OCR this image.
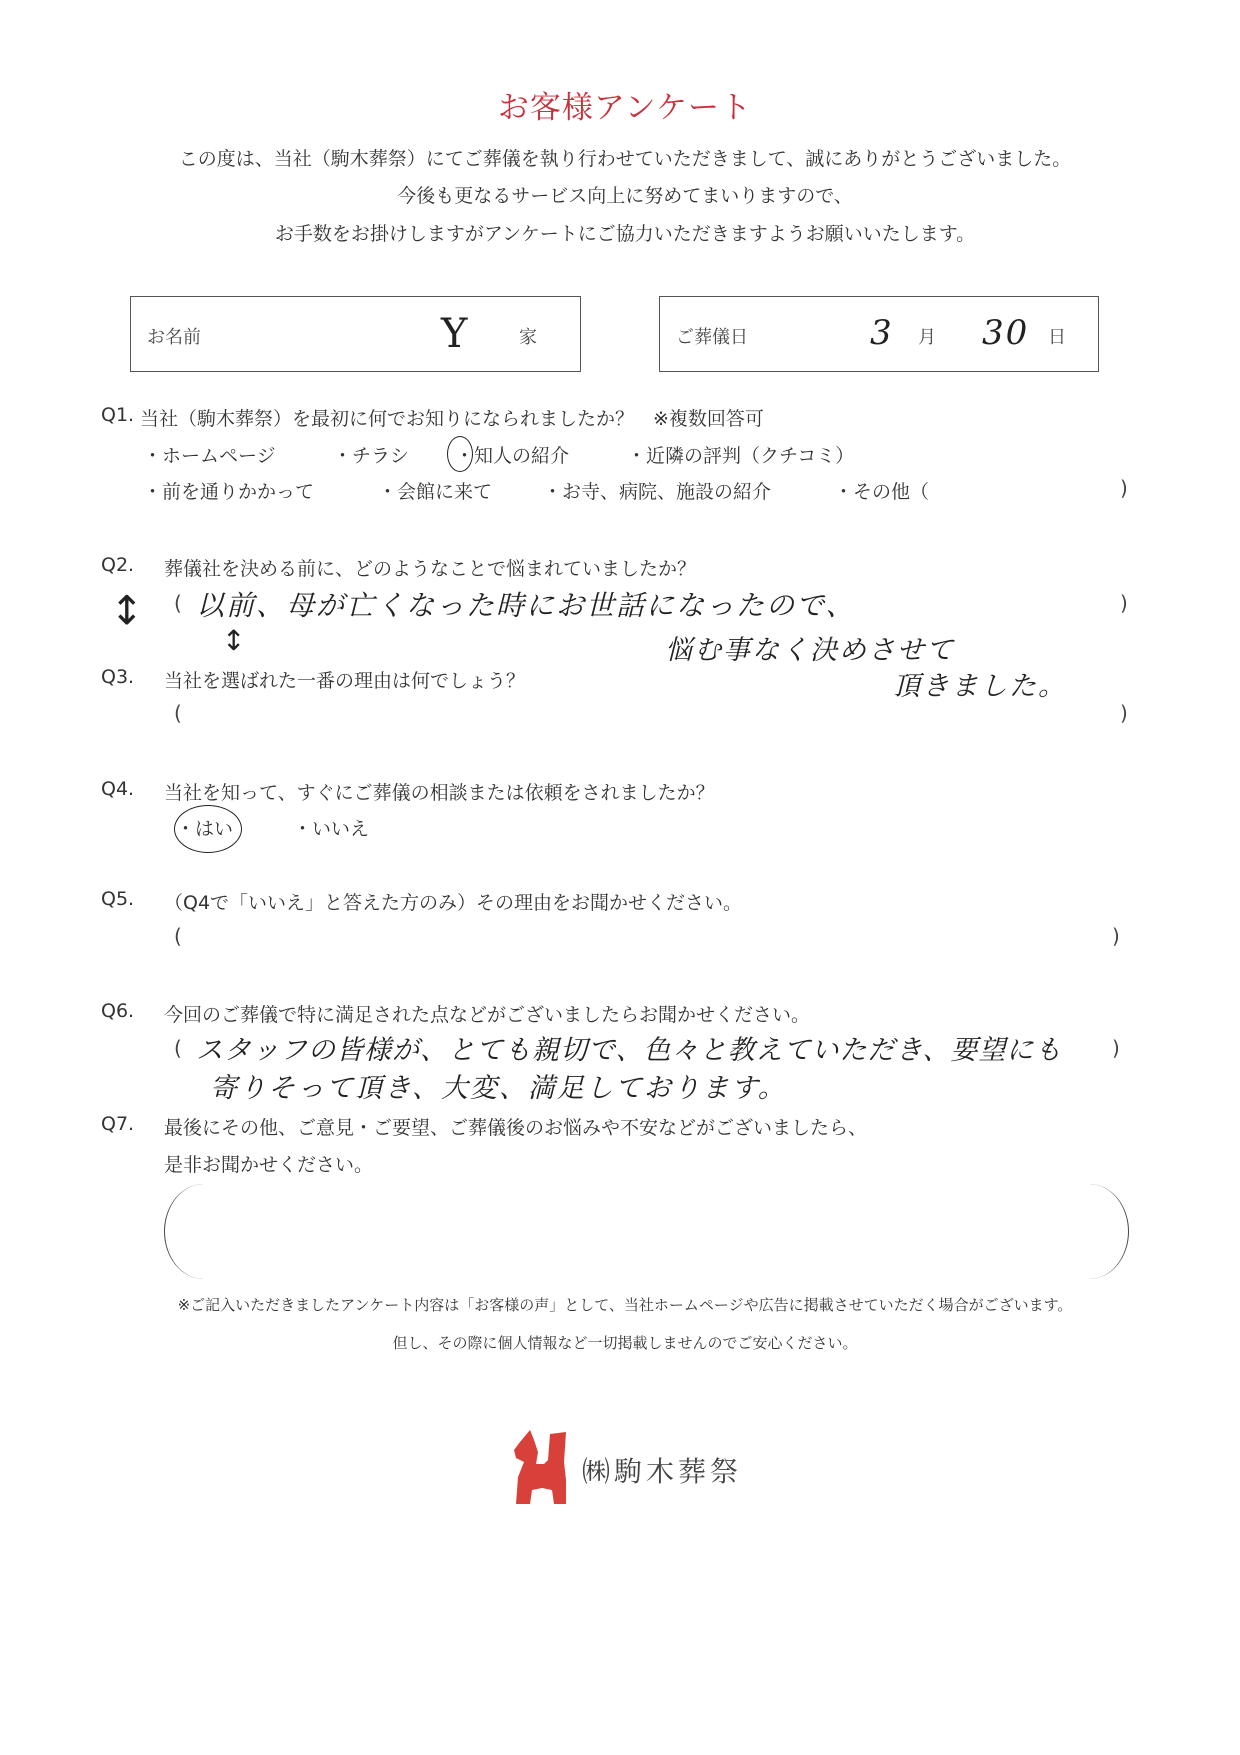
お客様アンケート
この度は、当社（駒木葬祭）にてご葬儀を執り行わせていただきまして、誠にありがとうございました。
今後も更なるサービス向上に努めてまいりますので、
お手数をお掛けしますがアンケートにご協力いただきますようお願いいたします。
お名前	Y	家	ご葬儀日	3 月 30 日
Q1. 当社（駒木葬祭）を最初に何でお知りになられましたか？　※複数回答可
・ホームページ	・チラシ ・知人の紹介	・近隣の評判（クチコミ）
・前を通りかかって	・会館に来て	・お寺、病院、施設の紹介	・その他（	)
Q2. 葬儀社を決める前に、どのようなことで悩まれていましたか？
↕ ( 以前、母が亡くなった時にお世話になったので、	)
↕
Q3. 当社を選ばれた一番の理由は何でしょう？
悩む事なく決めさせて
頂きました。
(	)
Q4. 当社を知って、すぐにご葬儀の相談または依頼をされましたか？
・はい	・いいえ
Q5. （Q4で「いいえ」と答えた方のみ）その理由をお聞かせください。
(	)
Q6. 今回のご葬儀で特に満足された点などがございましたらお聞かせください。
( スタッフの皆様が、とても親切で、色々と教えていただき、要望にも )
寄りそって頂き、大変、満足しております。
Q7. 最後にその他、ご意見・ご要望、ご葬儀後のお悩みや不安などがございましたら、
是非お聞かせください。
※ご記入いただきましたアンケート内容は「お客様の声」として、当社ホームページや広告に掲載させていただく場合がございます。
但し、その際に個人情報など一切掲載しませんのでご安心ください。
㈱駒木葬祭
